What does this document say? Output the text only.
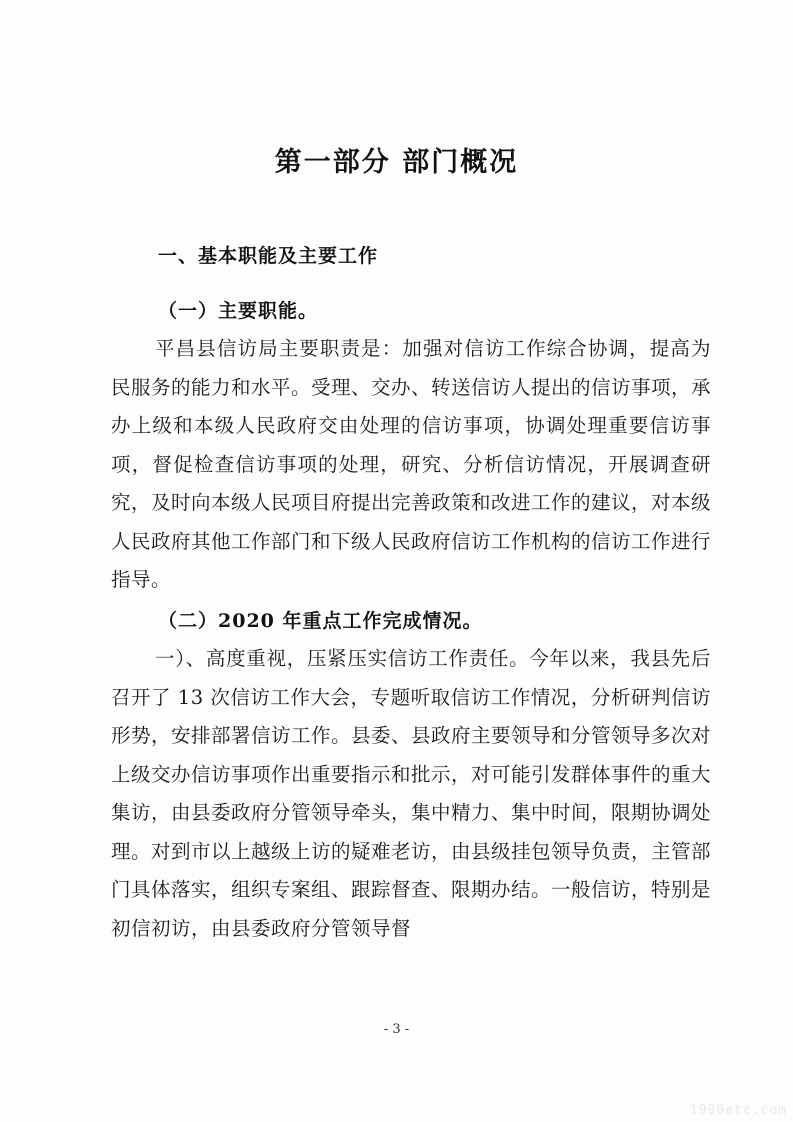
第一部分 部门概况
一、基本职能及主要工作
（一）主要职能。

平昌县信访局主要职责是：加强对信访工作综合协调，提高为民服务的能力和水平。受理、交办、转送信访人提出的信访事项，承办上级和本级人民政府交由处理的信访事项，协调处理重要信访事项，督促检查信访事项的处理，研究、分析信访情况，开展调查研究，及时向本级人民项目府提出完善政策和改进工作的建议，对本级人民政府其他工作部门和下级人民政府信访工作机构的信访工作进行指导。

（二）2020 年重点工作完成情况。

一）、高度重视，压紧压实信访工作责任。今年以来，我县先后召开了 13 次信访工作大会，专题听取信访工作情况，分析研判信访形势，安排部署信访工作。县委、县政府主要领导和分管领导多次对上级交办信访事项作出重要指示和批示，对可能引发群体事件的重大集访，由县委政府分管领导牵头，集中精力、集中时间，限期协调处理。对到市以上越级上访的疑难老访，由县级挂包领导负责，主管部门具体落实，组织专案组、跟踪督查、限期办结。一般信访，特别是初信初访，由县委政府分管领导督

- 3 -
1990etc.com
